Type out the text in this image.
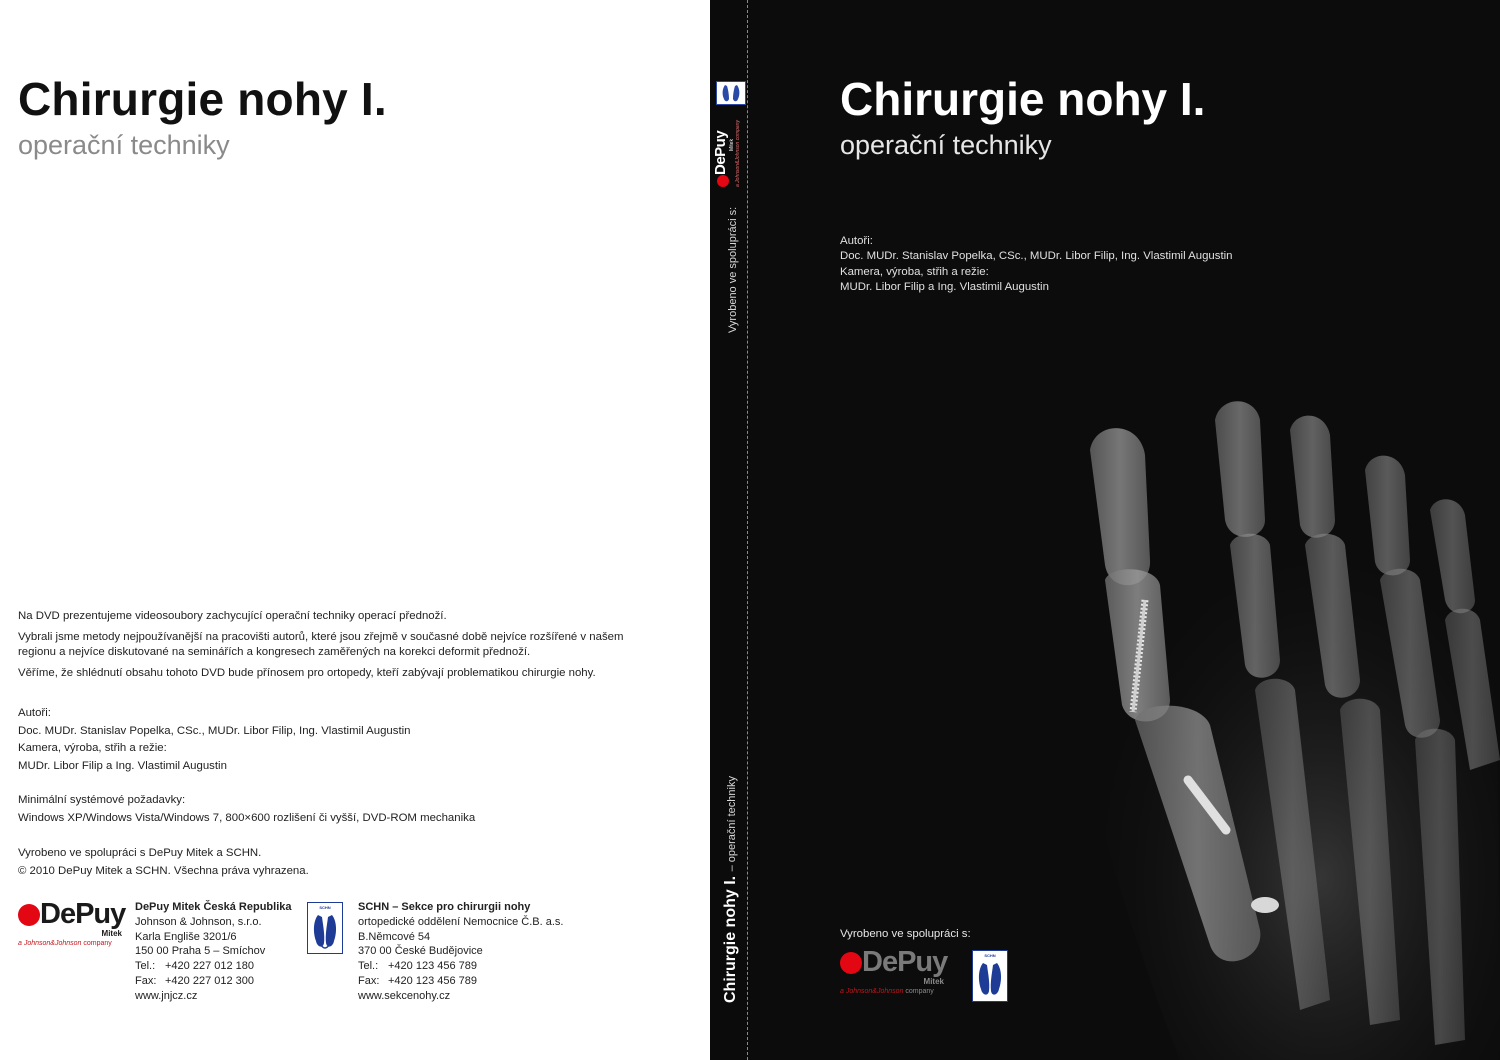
Chirurgie nohy I.
operační techniky

Na DVD prezentujeme videosoubory zachycující operační techniky operací přednoží.

Vybrali jsme metody nejpoužívanější na pracovišti autorů, které jsou zřejmě v současné době nejvíce rozšířené v našem regionu a nejvíce diskutované na seminářích a kongresech zaměřených na korekci deformit přednoží.

Věříme, že shlédnutí obsahu tohoto DVD bude přínosem pro ortopedy, kteří zabývají problematikou chirurgie nohy.

Autoři:

Doc. MUDr. Stanislav Popelka, CSc., MUDr. Libor Filip, Ing. Vlastimil Augustin

Kamera, výroba, střih a režie:

MUDr. Libor Filip a Ing. Vlastimil Augustin

Minimální systémové požadavky:

Windows XP/Windows Vista/Windows 7, 800×600 rozlišení či vyšší, DVD-ROM mechanika

Vyrobeno ve spolupráci s DePuy Mitek a SCHN.

© 2010 DePuy Mitek a SCHN. Všechna práva vyhrazena.

DePuy
Mitek
a Johnson&Johnson company
DePuy Mitek Česká Republika
Johnson & Johnson, s.r.o.
Karla Engliše 3201/6
150 00 Praha 5 – Smíchov
Tel.: +420 227 012 180
Fax: +420 227 012 300
www.jnjcz.cz
SCHN	SCHN – Sekce pro chirurgii nohy
ortopedické oddělení Nemocnice Č.B. a.s.
B.Němcové 54
370 00 České Budějovice
Tel.: +420 123 456 789
Fax: +420 123 456 789
www.sekcenohy.cz
DePuy Mitek a Johnson&Johnson company
Vyrobeno ve spolupráci s:
Chirurgie nohy I. – operační techniky
Chirurgie nohy I.
operační techniky

Autoři:

Doc. MUDr. Stanislav Popelka, CSc., MUDr. Libor Filip, Ing. Vlastimil Augustin

Kamera, výroba, střih a režie:

MUDr. Libor Filip a Ing. Vlastimil Augustin

Vyrobeno ve spolupráci s:
DePuy
Mitek
a Johnson&Johnson company
SCHN
